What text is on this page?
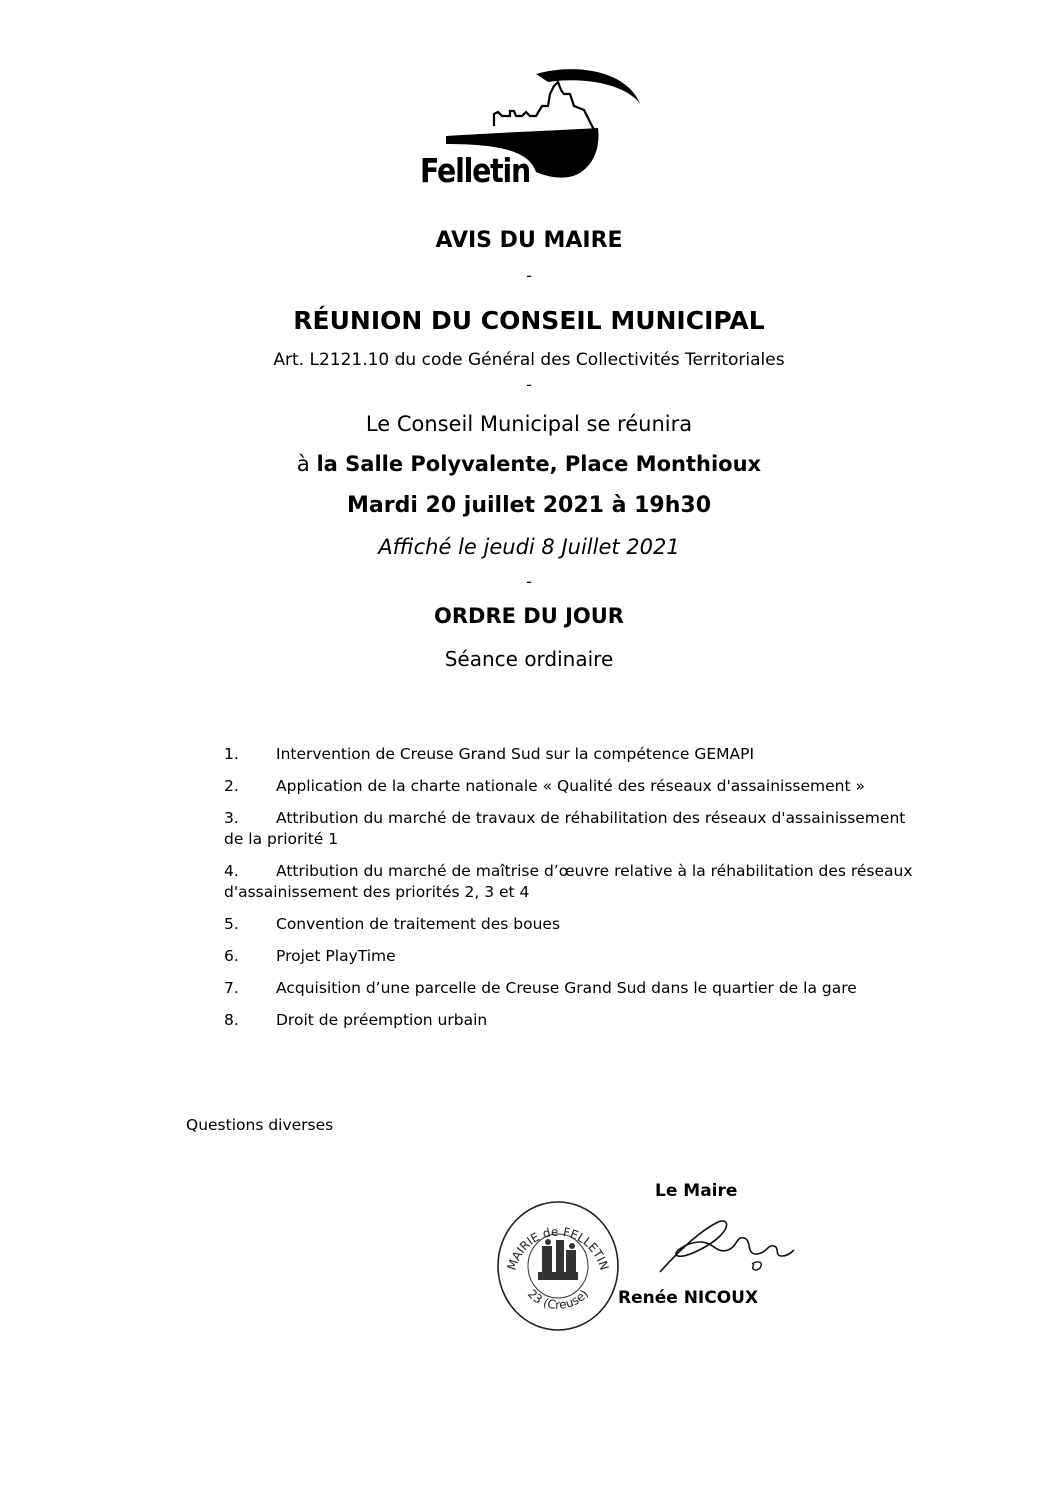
Felletin
AVIS DU MAIRE
-
RÉUNION DU CONSEIL MUNICIPAL
Art. L2121.10 du code Général des Collectivités Territoriales
-
Le Conseil Municipal se réunira
à la Salle Polyvalente, Place Monthioux
Mardi 20 juillet 2021 à 19h30
Affiché le jeudi 8 Juillet 2021
-
ORDRE DU JOUR
Séance ordinaire
1. Intervention de Creuse Grand Sud sur la compétence GEMAPI
2. Application de la charte nationale « Qualité des réseaux d'assainissement »
3. Attribution du marché de travaux de réhabilitation des réseaux d'assainissement de la priorité 1
4. Attribution du marché de maîtrise d’œuvre relative à la réhabilitation des réseaux d'assainissement des priorités 2, 3 et 4
5. Convention de traitement des boues
6. Projet PlayTime
7. Acquisition d’une parcelle de Creuse Grand Sud dans le quartier de la gare
8. Droit de préemption urbain
Questions diverses
Le Maire
MAIRIE de FELLETIN
23 (Creuse) Renée NICOUX
